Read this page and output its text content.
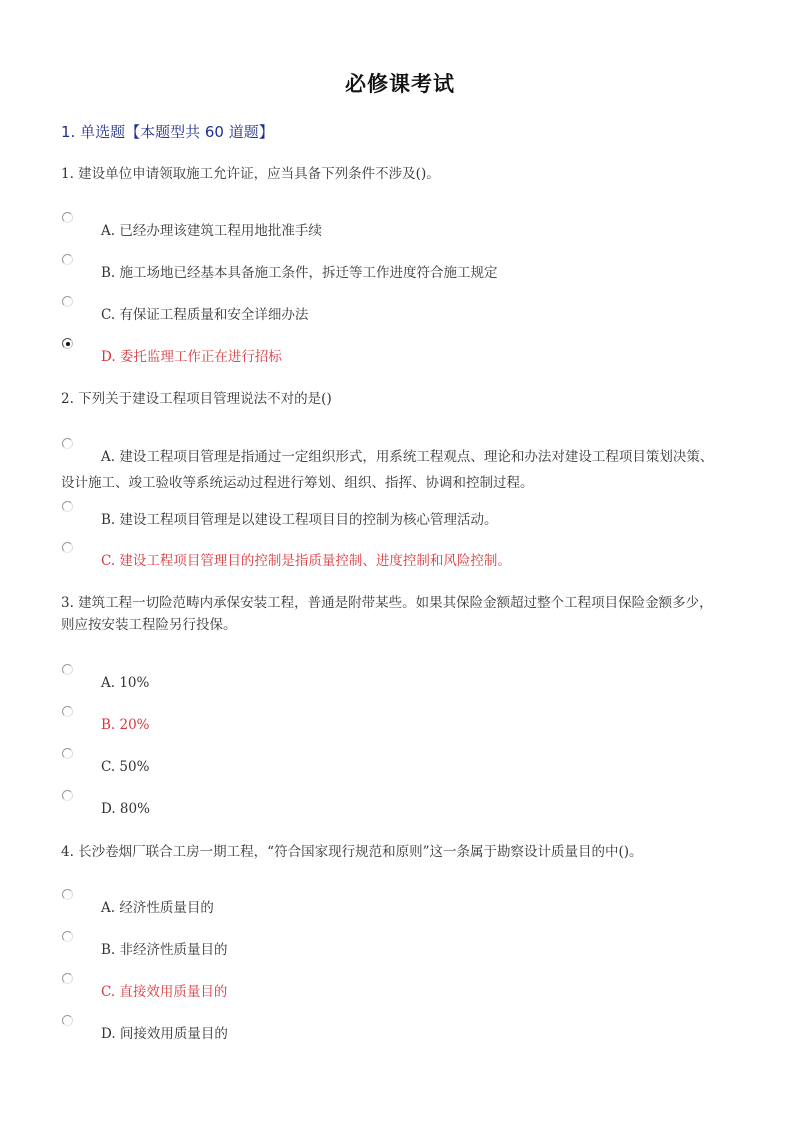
必修课考试
1. 单选题【本题型共 60 道题】
1. 建设单位申请领取施工允许证，应当具备下列条件不涉及()。
A. 已经办理该建筑工程用地批准手续
B. 施工场地已经基本具备施工条件，拆迁等工作进度符合施工规定
C. 有保证工程质量和安全详细办法
D. 委托监理工作正在进行招标
2. 下列关于建设工程项目管理说法不对的是()
A. 建设工程项目管理是指通过一定组织形式，用系统工程观点、理论和办法对建设工程项目策划决策、
设计施工、竣工验收等系统运动过程进行筹划、组织、指挥、协调和控制过程。
B. 建设工程项目管理是以建设工程项目目的控制为核心管理活动。
C. 建设工程项目管理目的控制是指质量控制、进度控制和风险控制。
3. 建筑工程一切险范畴内承保安装工程，普通是附带某些。如果其保险金额超过整个工程项目保险金额多少，
则应按安装工程险另行投保。
A. 10%
B. 20%
C. 50%
D. 80%
4. 长沙卷烟厂联合工房一期工程，“符合国家现行规范和原则”这一条属于勘察设计质量目的中()。
A. 经济性质量目的
B. 非经济性质量目的
C. 直接效用质量目的
D. 间接效用质量目的
